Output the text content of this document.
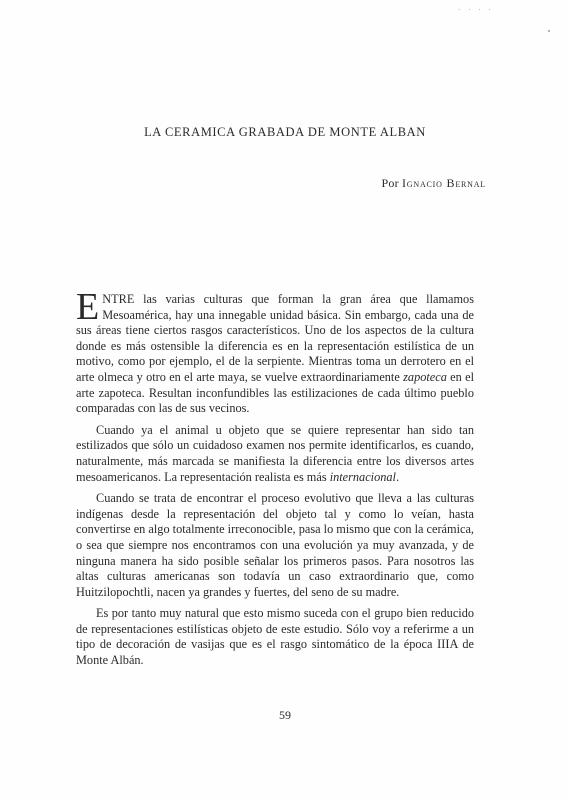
· · · ·
LA CERAMICA GRABADA DE MONTE ALBAN
Por Ignacio Bernal

ENTRE las varias culturas que forman la gran área que llamamos Mesoamérica, hay una innegable unidad básica. Sin embargo, cada una de sus áreas tiene ciertos rasgos característicos. Uno de los aspectos de la cultura donde es más ostensible la diferencia es en la representación estilística de un motivo, como por ejemplo, el de la serpiente. Mientras toma un derrotero en el arte olmeca y otro en el arte maya, se vuelve extraordinariamente zapoteca en el arte zapoteca. Resultan inconfundibles las estilizaciones de cada último pueblo comparadas con las de sus vecinos.

Cuando ya el animal u objeto que se quiere representar han sido tan estilizados que sólo un cuidadoso examen nos permite identificarlos, es cuando, naturalmente, más marcada se manifiesta la diferencia entre los diversos artes mesoamericanos. La representación realista es más internacional.

Cuando se trata de encontrar el proceso evolutivo que lleva a las culturas indígenas desde la representación del objeto tal y como lo veían, hasta convertirse en algo totalmente irreconocible, pasa lo mismo que con la cerámica, o sea que siempre nos encontramos con una evolución ya muy avanzada, y de ninguna manera ha sido posible señalar los primeros pasos. Para nosotros las altas culturas americanas son todavía un caso extraordinario que, como Huitzilopochtli, nacen ya grandes y fuertes, del seno de su madre.

Es por tanto muy natural que esto mismo suceda con el grupo bien reducido de representaciones estilísticas objeto de este estudio. Sólo voy a referirme a un tipo de decoración de vasijas que es el rasgo sintomático de la época IIIA de Monte Albán.

59
